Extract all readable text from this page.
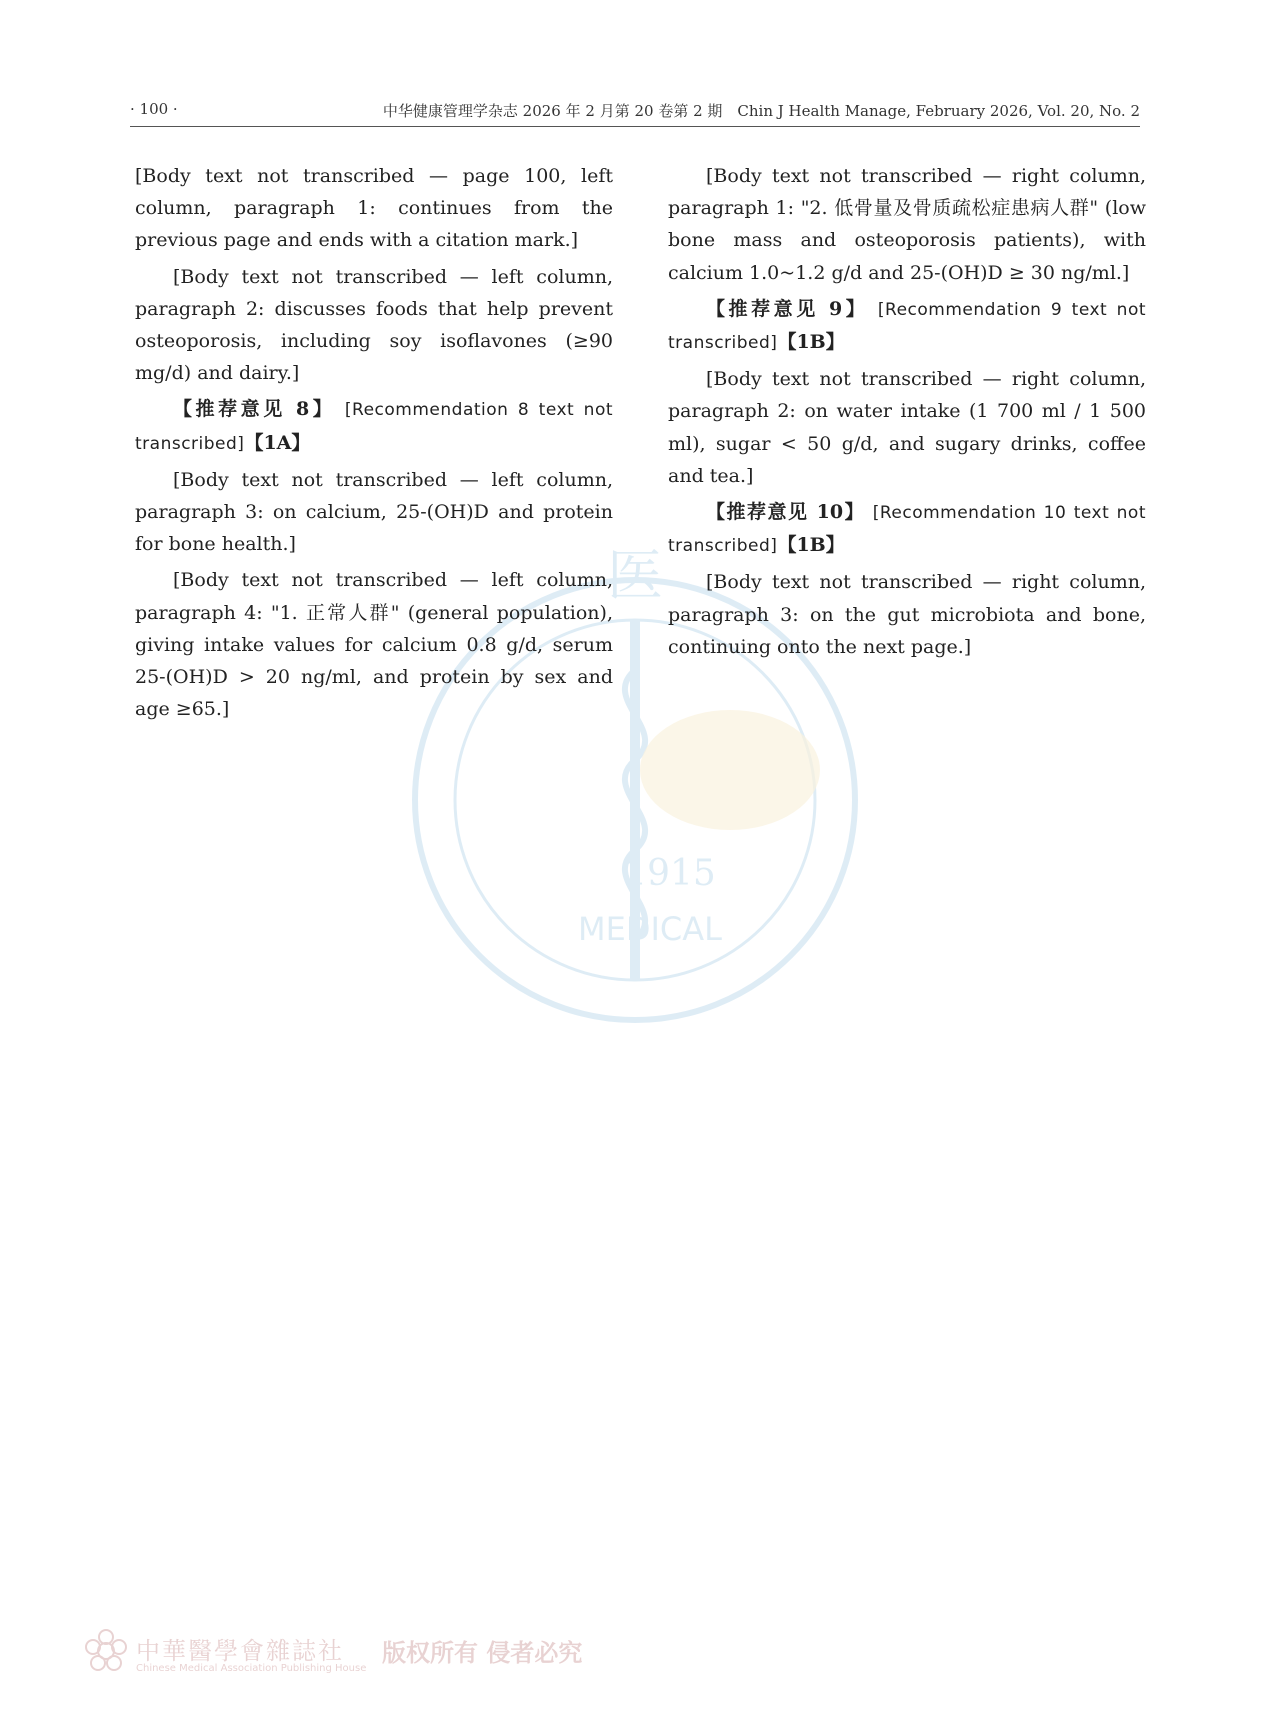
· 100 ·	中华健康管理学杂志 2026 年 2 月第 20 卷第 2 期　Chin J Health Manage, February 2026, Vol. 20, No. 2
医
1915
MEDICAL

[Body text not transcribed — page 100, left column, paragraph 1: continues from the previous page and ends with a citation mark.]

[Body text not transcribed — left column, paragraph 2: discusses foods that help prevent osteoporosis, including soy isoflavones (≥90 mg/d) and dairy.]

【推荐意见 8】 [Recommendation 8 text not transcribed]【1A】

[Body text not transcribed — left column, paragraph 3: on calcium, 25-(OH)D and protein for bone health.]

[Body text not transcribed — left column, paragraph 4: "1. 正常人群" (general population), giving intake values for calcium 0.8 g/d, serum 25-(OH)D > 20 ng/ml, and protein by sex and age ≥65.]

[Body text not transcribed — right column, paragraph 1: "2. 低骨量及骨质疏松症患病人群" (low bone mass and osteoporosis patients), with calcium 1.0~1.2 g/d and 25-(OH)D ≥ 30 ng/ml.]

【推荐意见 9】 [Recommendation 9 text not transcribed]【1B】

[Body text not transcribed — right column, paragraph 2: on water intake (1 700 ml / 1 500 ml), sugar < 50 g/d, and sugary drinks, coffee and tea.]

【推荐意见 10】 [Recommendation 10 text not transcribed]【1B】

[Body text not transcribed — right column, paragraph 3: on the gut microbiota and bone, continuing onto the next page.]

中華醫學會雜誌社
Chinese Medical Association Publishing House
版权所有 侵者必究
